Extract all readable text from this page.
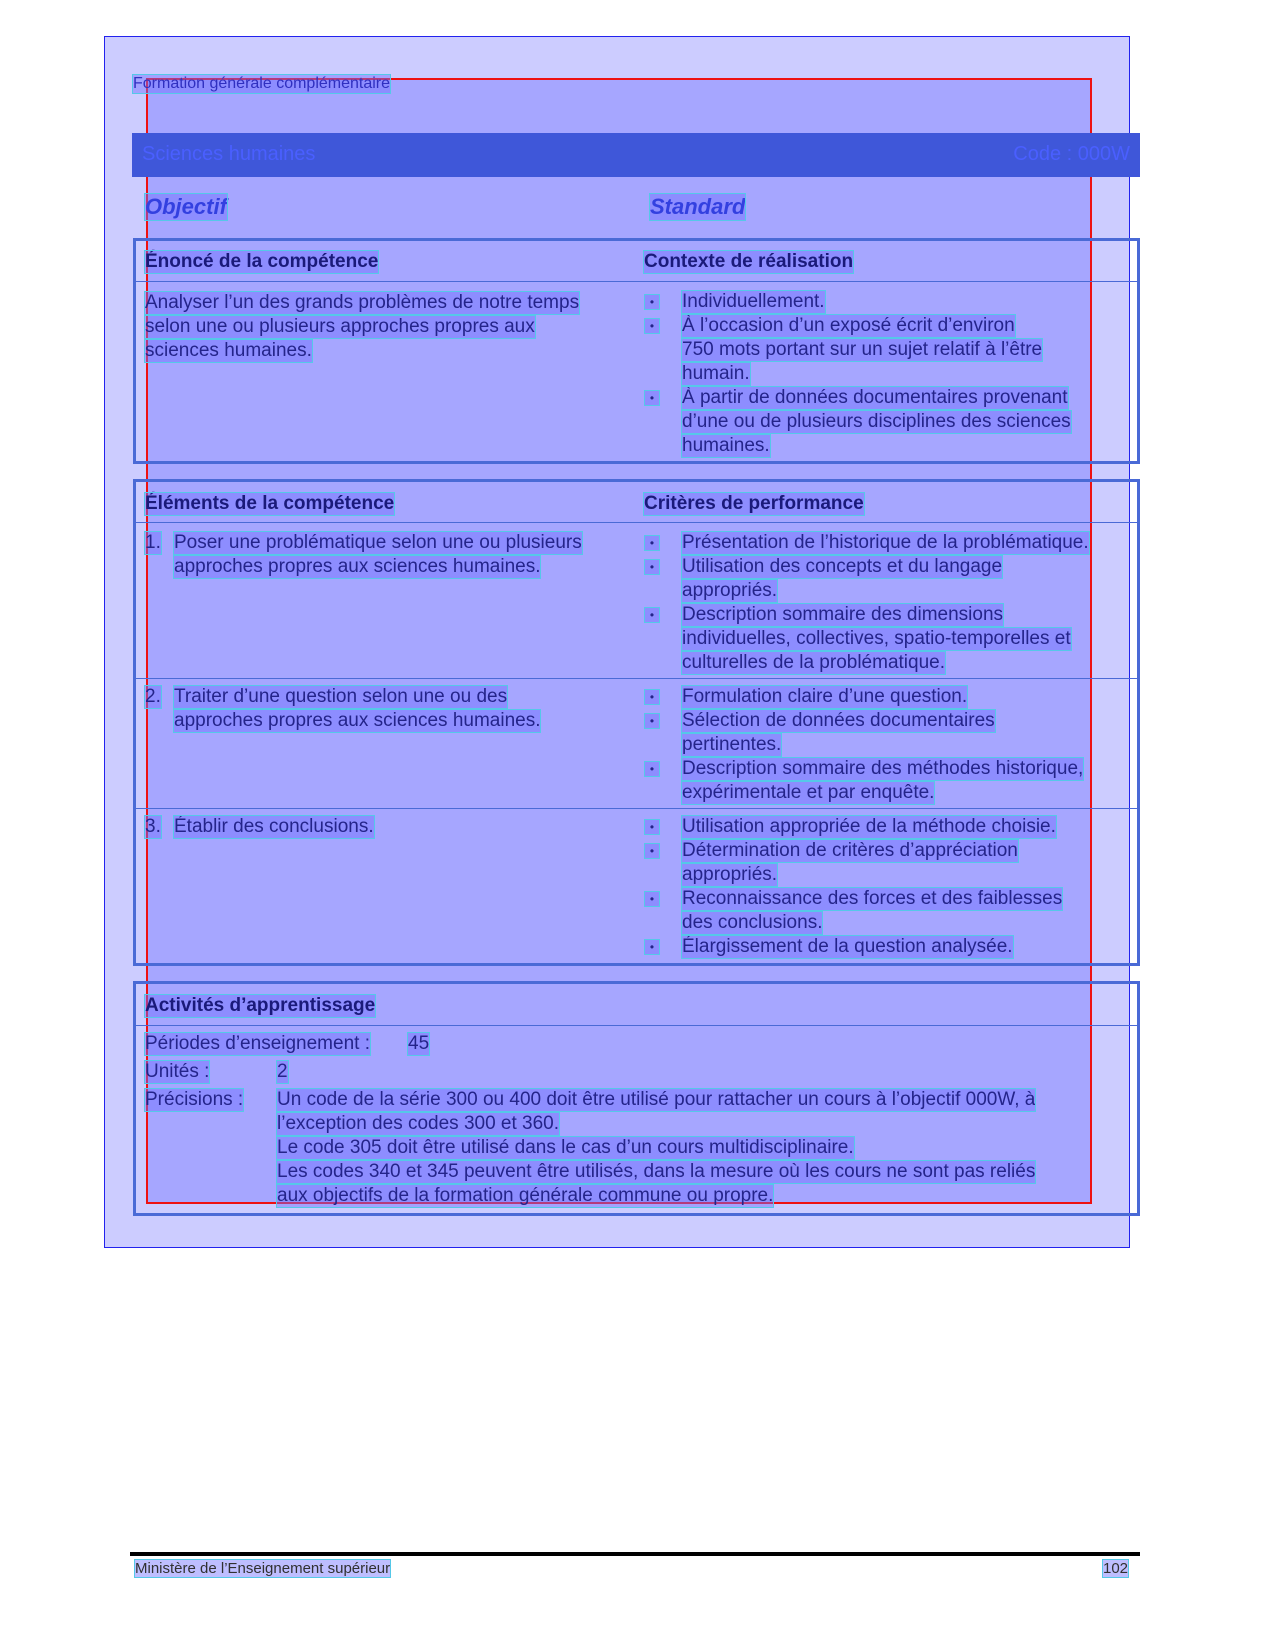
Formation générale complémentaire
Sciences humaines	Code : 000W
Objectif	Standard
Énoncé de la compétence	Contexte de réalisation
Analyser l’un des grands problèmes de notre temps
selon une ou plusieurs approches propres aux
sciences humaines.
• Individuellement.
• À l’occasion d’un exposé écrit d’environ
750 mots portant sur un sujet relatif à l’être
humain.
• À partir de données documentaires provenant
d’une ou de plusieurs disciplines des sciences
humaines.
Éléments de la compétence	Critères de performance
1. Poser une problématique selon une ou plusieurs
approches propres aux sciences humaines.
• Présentation de l’historique de la problématique.
• Utilisation des concepts et du langage
appropriés.
• Description sommaire des dimensions
individuelles, collectives, spatio-temporelles et
culturelles de la problématique.
2. Traiter d’une question selon une ou des
approches propres aux sciences humaines.
• Formulation claire d’une question.
• Sélection de données documentaires
pertinentes.
• Description sommaire des méthodes historique,
expérimentale et par enquête.
3. Établir des conclusions.	• Utilisation appropriée de la méthode choisie.
• Détermination de critères d’appréciation
appropriés.
• Reconnaissance des forces et des faiblesses
des conclusions.
• Élargissement de la question analysée.
Activités d’apprentissage
Périodes d’enseignement : 45
Unités :	2
Précisions : Un code de la série 300 ou 400 doit être utilisé pour rattacher un cours à l’objectif 000W, à
l’exception des codes 300 et 360.
Le code 305 doit être utilisé dans le cas d’un cours multidisciplinaire.
Les codes 340 et 345 peuvent être utilisés, dans la mesure où les cours ne sont pas reliés
aux objectifs de la formation générale commune ou propre.
Ministère de l’Enseignement supérieur	102
